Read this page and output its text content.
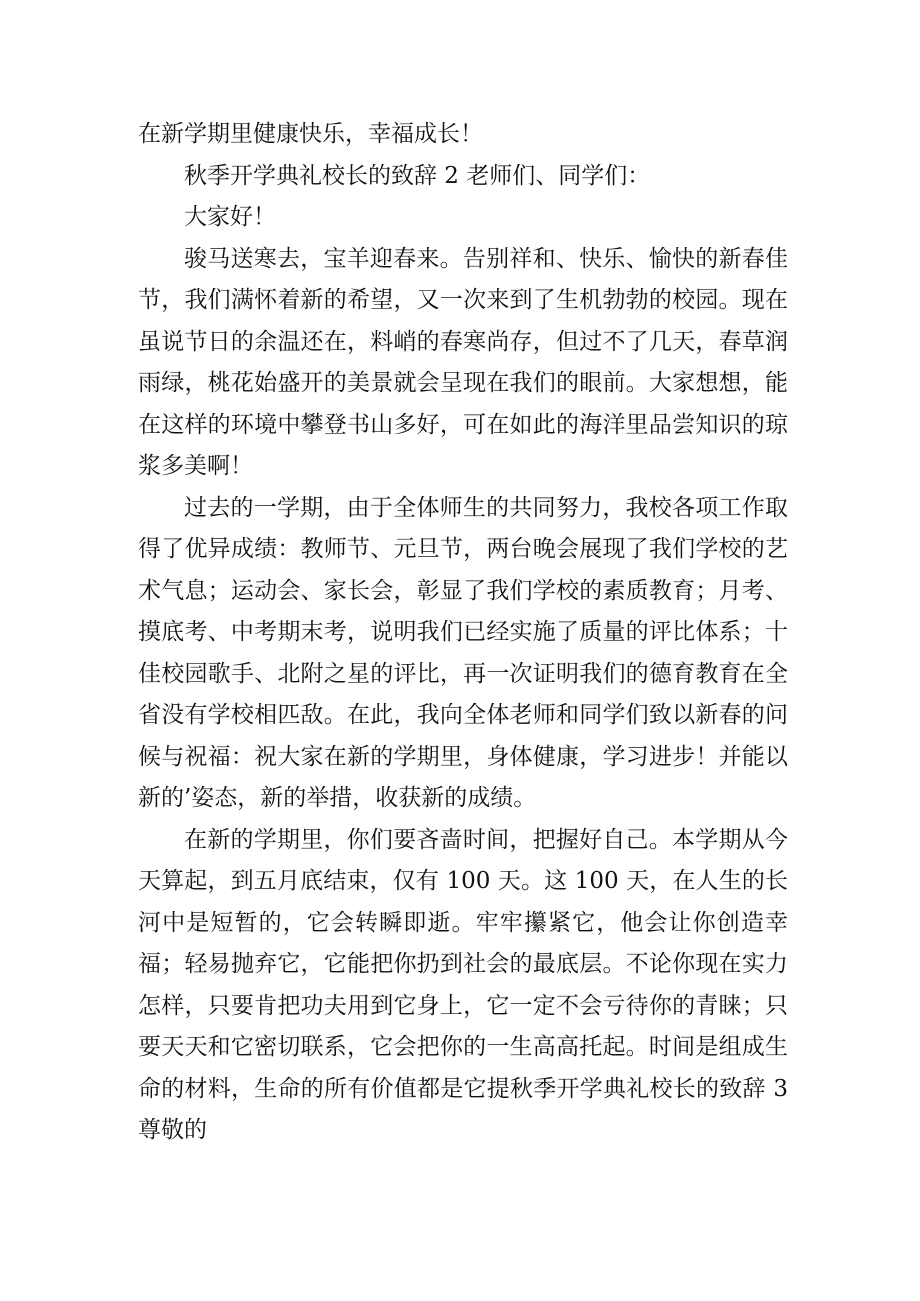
在新学期里健康快乐，幸福成长！

秋季开学典礼校长的致辞 2 老师们、同学们：

大家好！

骏马送寒去，宝羊迎春来。告别祥和、快乐、愉快的新春佳节，我们满怀着新的希望，又一次来到了生机勃勃的校园。现在虽说节日的余温还在，料峭的春寒尚存，但过不了几天，春草润雨绿，桃花始盛开的美景就会呈现在我们的眼前。大家想想，能在这样的环境中攀登书山多好，可在如此的海洋里品尝知识的琼浆多美啊！

过去的一学期，由于全体师生的共同努力，我校各项工作取得了优异成绩：教师节、元旦节，两台晚会展现了我们学校的艺术气息；运动会、家长会，彰显了我们学校的素质教育；月考、摸底考、中考期末考，说明我们已经实施了质量的评比体系；十佳校园歌手、北附之星的评比，再一次证明我们的德育教育在全省没有学校相匹敌。在此，我向全体老师和同学们致以新春的问候与祝福：祝大家在新的学期里，身体健康，学习进步！并能以新的’姿态，新的举措，收获新的成绩。

在新的学期里，你们要吝啬时间，把握好自己。本学期从今天算起，到五月底结束，仅有 100 天。这 100 天，在人生的长河中是短暂的，它会转瞬即逝。牢牢攥紧它，他会让你创造幸福；轻易抛弃它，它能把你扔到社会的最底层。不论你现在实力怎样，只要肯把功夫用到它身上，它一定不会亏待你的青睐；只要天天和它密切联系，它会把你的一生高高托起。时间是组成生命的材料，生命的所有价值都是它提秋季开学典礼校长的致辞 3 尊敬的
